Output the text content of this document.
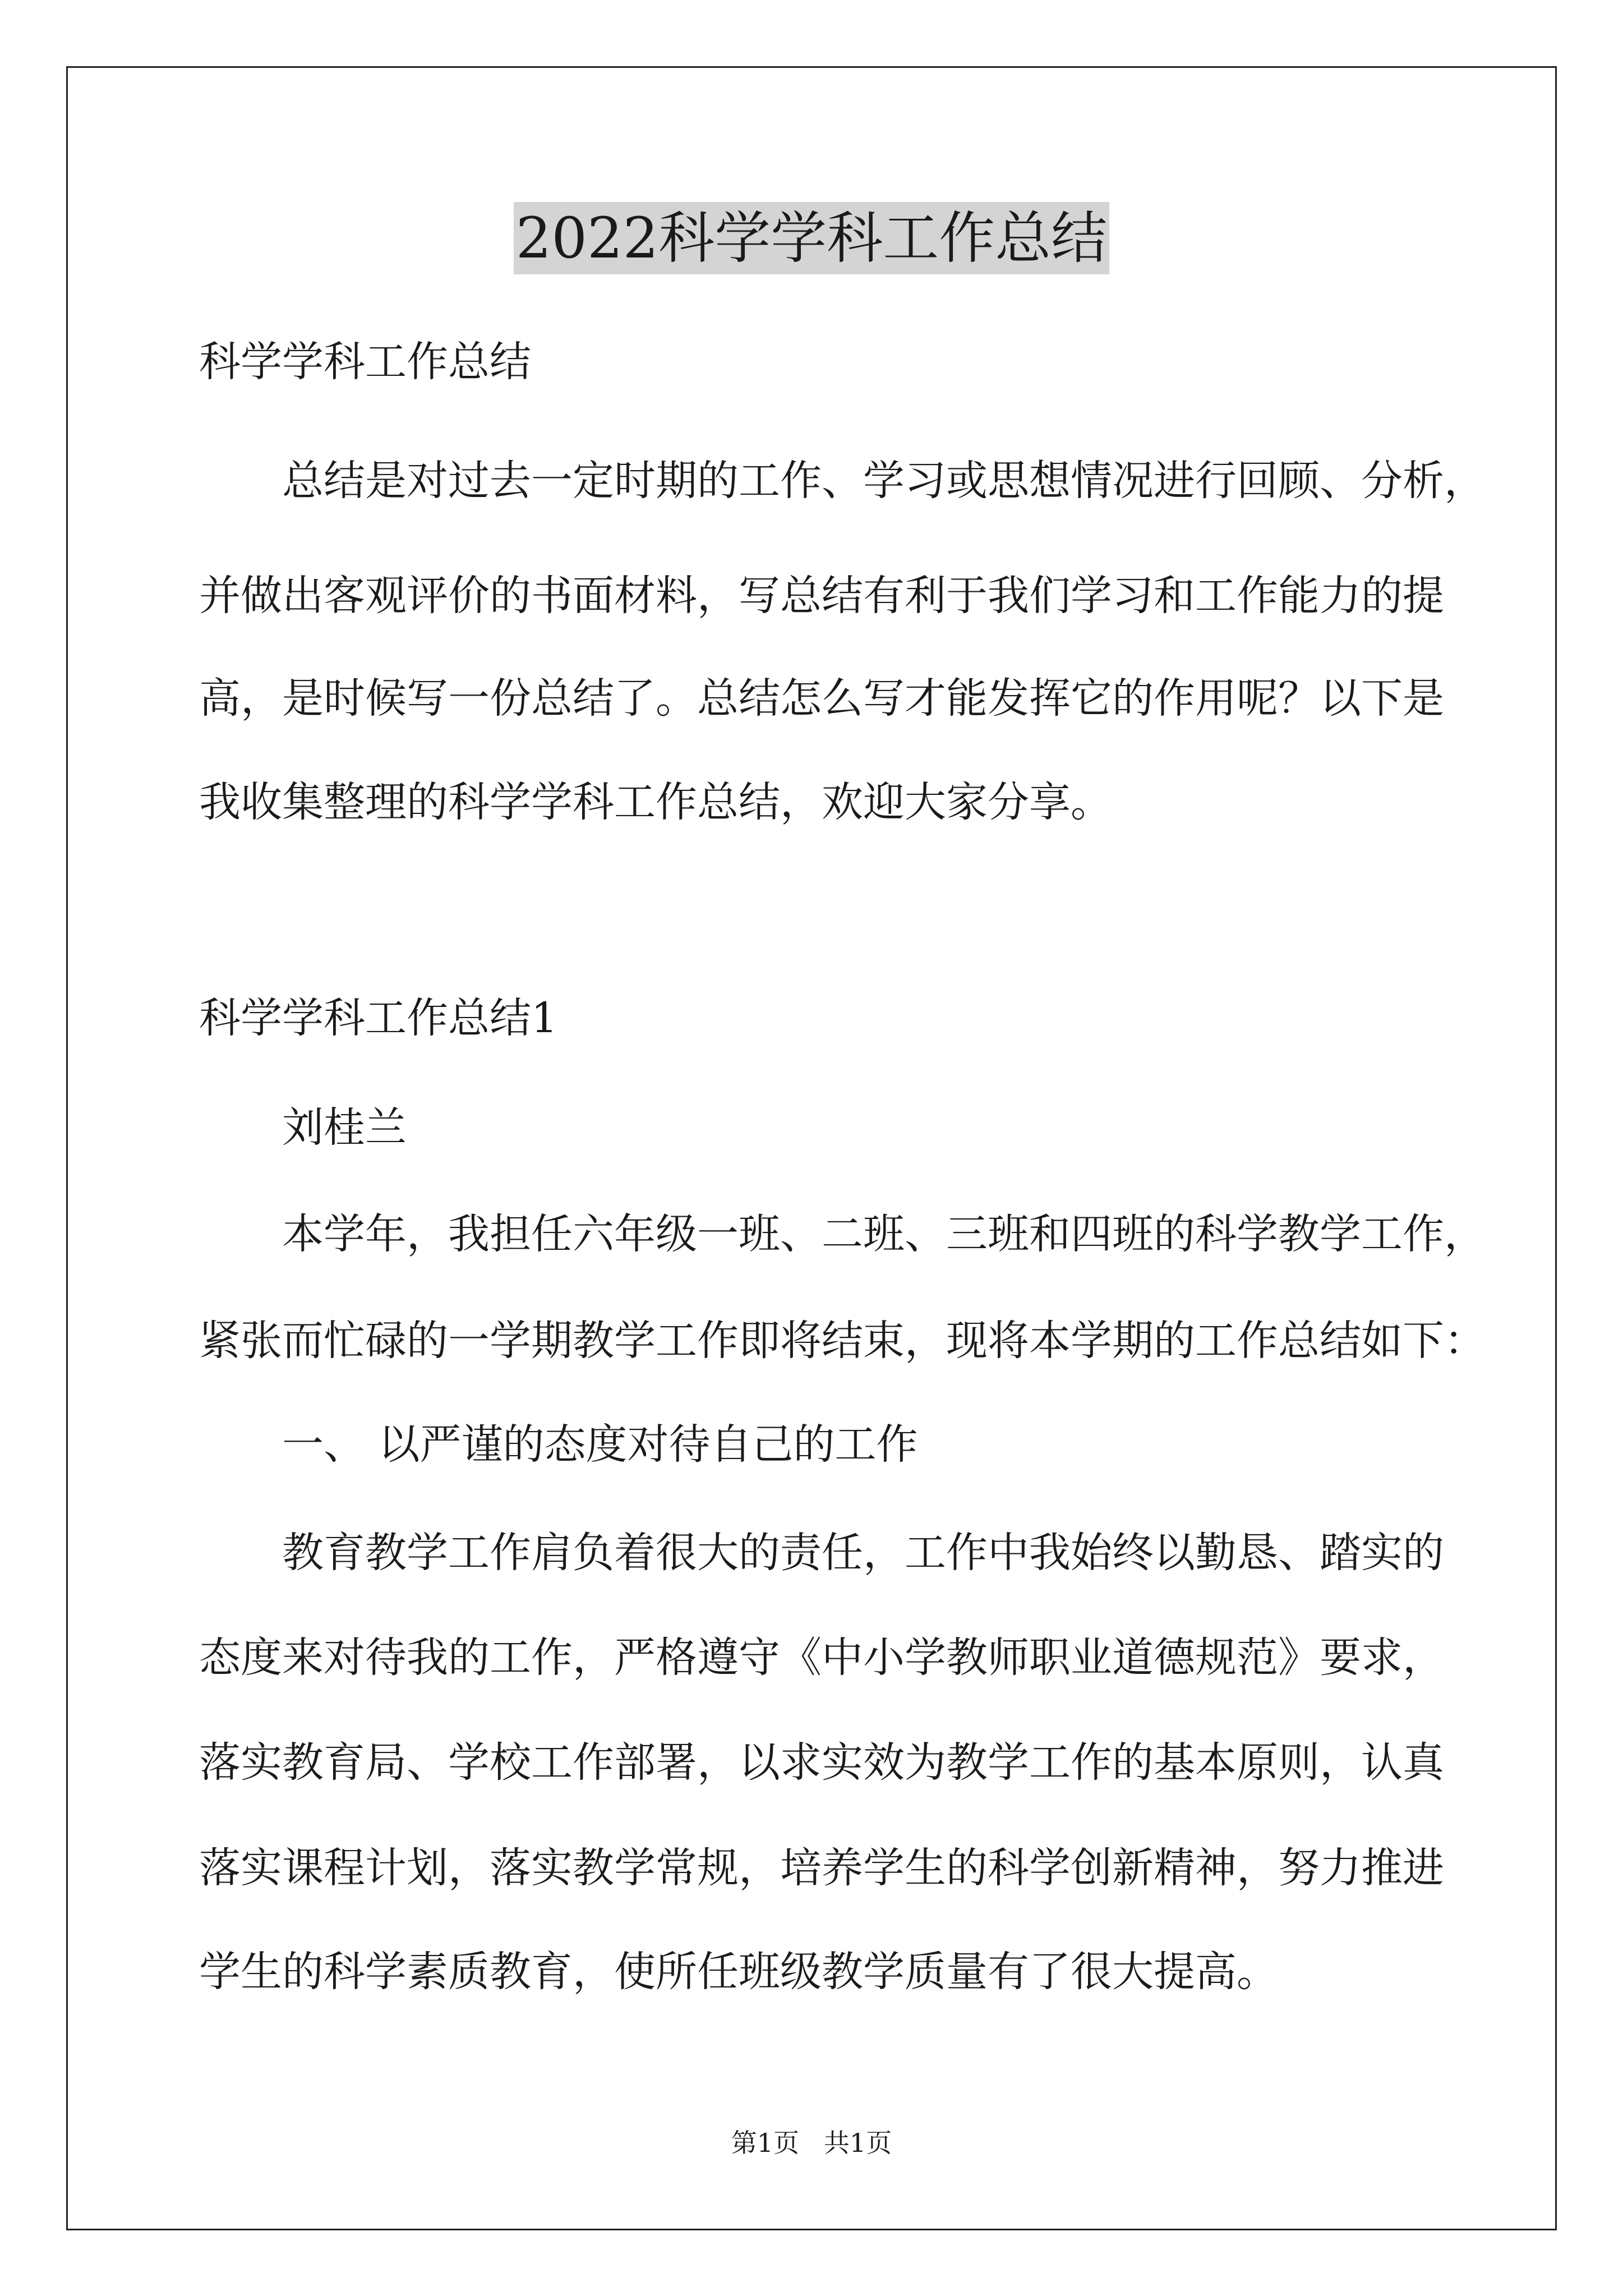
2022科学学科工作总结

科学学科工作总结

总结是对过去一定时期的工作、学习或思想情况进行回顾、分析，

并做出客观评价的书面材料，写总结有利于我们学习和工作能力的提

高，是时候写一份总结了。总结怎么写才能发挥它的作用呢？以下是

我收集整理的科学学科工作总结，欢迎大家分享。

科学学科工作总结1

刘桂兰

本学年，我担任六年级一班、二班、三班和四班的科学教学工作，

紧张而忙碌的一学期教学工作即将结束，现将本学期的工作总结如下：

一、 以严谨的态度对待自己的工作

教育教学工作肩负着很大的责任，工作中我始终以勤恳、踏实的

态度来对待我的工作，严格遵守《中小学教师职业道德规范》要求，

落实教育局、学校工作部署，以求实效为教学工作的基本原则，认真

落实课程计划，落实教学常规，培养学生的科学创新精神，努力推进

学生的科学素质教育，使所任班级教学质量有了很大提高。

第1页   共1页
